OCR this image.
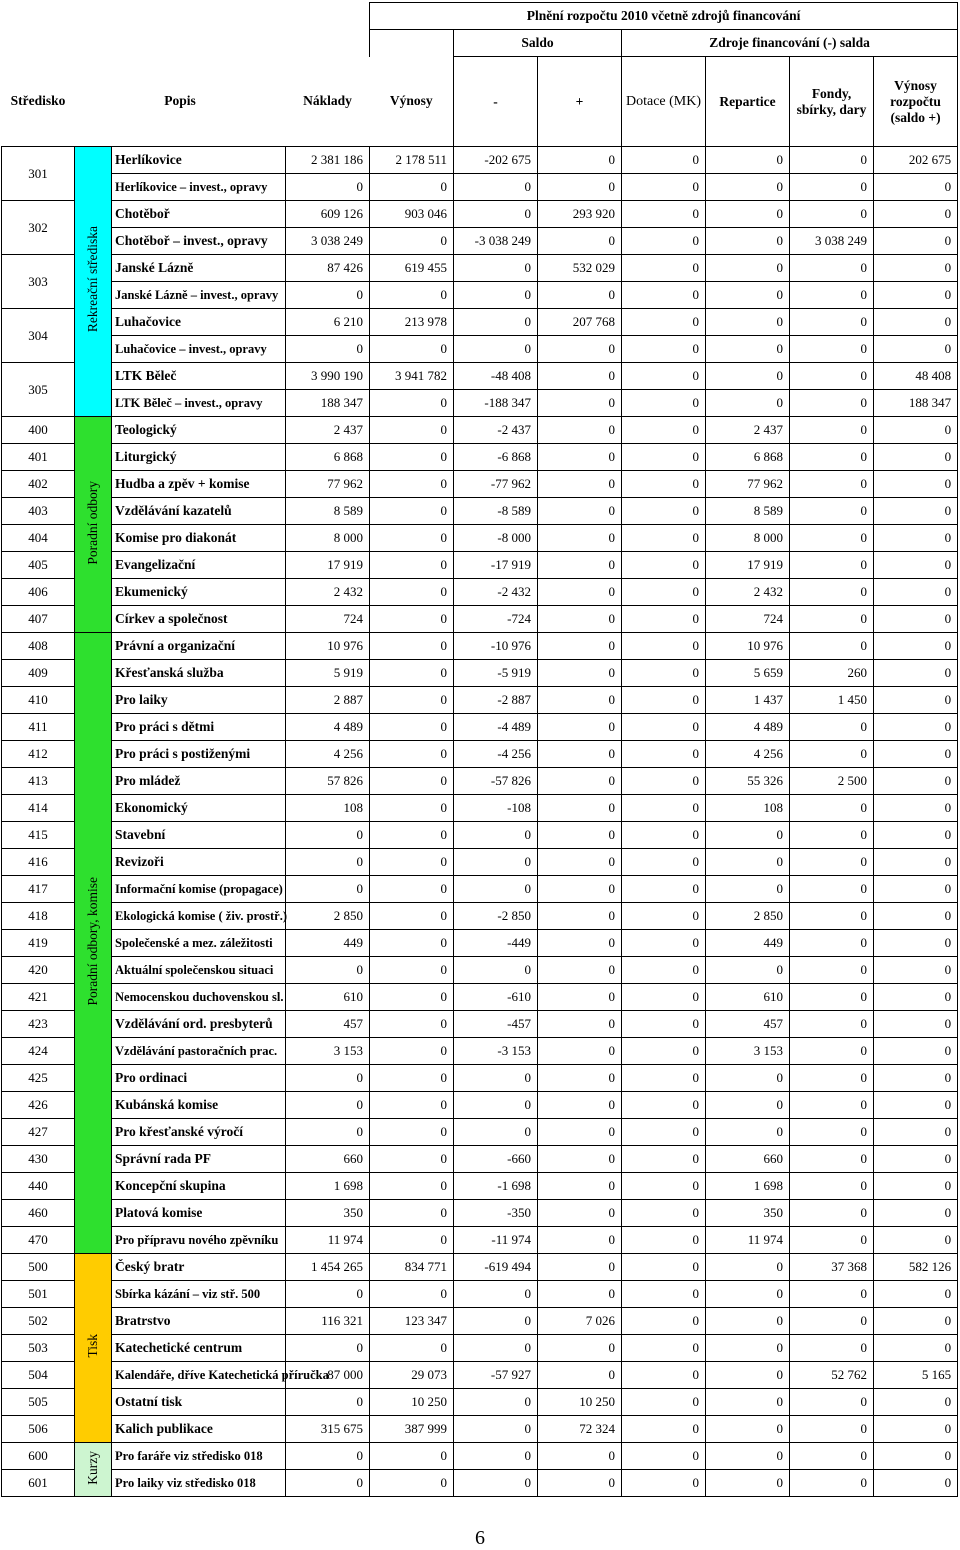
				Plnění rozpočtu 2010 včetně zdrojů financování						
					Saldo		Zdroje financování (-) salda			
Středisko	Popis		Náklady	Výnosy	-	+	Dotace (MK)	Repartice	Fondy, sbírky, dary	Výnosy rozpočtu (saldo +)
301	Rekreační střediska	Herlíkovice	2 381 186	2 178 511	-202 675	0	0	0	0	202 675
		Herlíkovice – invest., opravy	0	0	0	0	0	0	0	0
302		Chotěboř	609 126	903 046	0	293 920	0	0	0	0
		Chotěboř – invest., opravy	3 038 249	0	-3 038 249	0	0	0	3 038 249	0
303		Janské Lázně	87 426	619 455	0	532 029	0	0	0	0
		Janské Lázně – invest., opravy	0	0	0	0	0	0	0	0
304		Luhačovice	6 210	213 978	0	207 768	0	0	0	0
		Luhačovice – invest., opravy	0	0	0	0	0	0	0	0
305		LTK Běleč	3 990 190	3 941 782	-48 408	0	0	0	0	48 408
		LTK Běleč – invest., opravy	188 347	0	-188 347	0	0	0	0	188 347
400	Poradní odbory	Teologický	2 437	0	-2 437	0	0	2 437	0	0
401		Liturgický	6 868	0	-6 868	0	0	6 868	0	0
402		Hudba a zpěv + komise	77 962	0	-77 962	0	0	77 962	0	0
403		Vzdělávání kazatelů	8 589	0	-8 589	0	0	8 589	0	0
404		Komise pro diakonát	8 000	0	-8 000	0	0	8 000	0	0
405		Evangelizační	17 919	0	-17 919	0	0	17 919	0	0
406		Ekumenický	2 432	0	-2 432	0	0	2 432	0	0
407		Církev a společnost	724	0	-724	0	0	724	0	0
408	Poradní odbory, komise	Právní a organizační	10 976	0	-10 976	0	0	10 976	0	0
409		Křesťanská služba	5 919	0	-5 919	0	0	5 659	260	0
410		Pro laiky	2 887	0	-2 887	0	0	1 437	1 450	0
411		Pro práci s dětmi	4 489	0	-4 489	0	0	4 489	0	0
412		Pro práci s postiženými	4 256	0	-4 256	0	0	4 256	0	0
413		Pro mládež	57 826	0	-57 826	0	0	55 326	2 500	0
414		Ekonomický	108	0	-108	0	0	108	0	0
415		Stavební	0	0	0	0	0	0	0	0
416		Revizoři	0	0	0	0	0	0	0	0
417		Informační komise (propagace)	0	0	0	0	0	0	0	0
418		Ekologická komise ( živ. prostř.)	2 850	0	-2 850	0	0	2 850	0	0
419		Společenské a mez. záležitosti	449	0	-449	0	0	449	0	0
420		Aktuální společenskou situaci	0	0	0	0	0	0	0	0
421		Nemocenskou duchovenskou sl.	610	0	-610	0	0	610	0	0
423		Vzdělávání ord. presbyterů	457	0	-457	0	0	457	0	0
424		Vzdělávání pastoračních prac.	3 153	0	-3 153	0	0	3 153	0	0
425		Pro ordinaci	0	0	0	0	0	0	0	0
426		Kubánská komise	0	0	0	0	0	0	0	0
427		Pro křesťanské výročí	0	0	0	0	0	0	0	0
430		Správní rada PF	660	0	-660	0	0	660	0	0
440		Koncepční skupina	1 698	0	-1 698	0	0	1 698	0	0
460		Platová komise	350	0	-350	0	0	350	0	0
470		Pro přípravu nového zpěvníku	11 974	0	-11 974	0	0	11 974	0	0
500	Tisk	Český bratr	1 454 265	834 771	-619 494	0	0	0	37 368	582 126
501		Sbírka kázání – viz stř. 500	0	0	0	0	0	0	0	0
502		Bratrstvo	116 321	123 347	0	7 026	0	0	0	0
503		Katechetické centrum	0	0	0	0	0	0	0	0
504		Kalendáře, dříve Katechetická příručka	87 000	29 073	-57 927	0	0	0	52 762	5 165
505		Ostatní tisk	0	10 250	0	10 250	0	0	0	0
506		Kalich publikace	315 675	387 999	0	72 324	0	0	0	0
600	Kurzy	Pro faráře viz středisko 018	0	0	0	0	0	0	0	0
601		Pro laiky viz středisko 018	0	0	0	0	0	0	0	0
6
